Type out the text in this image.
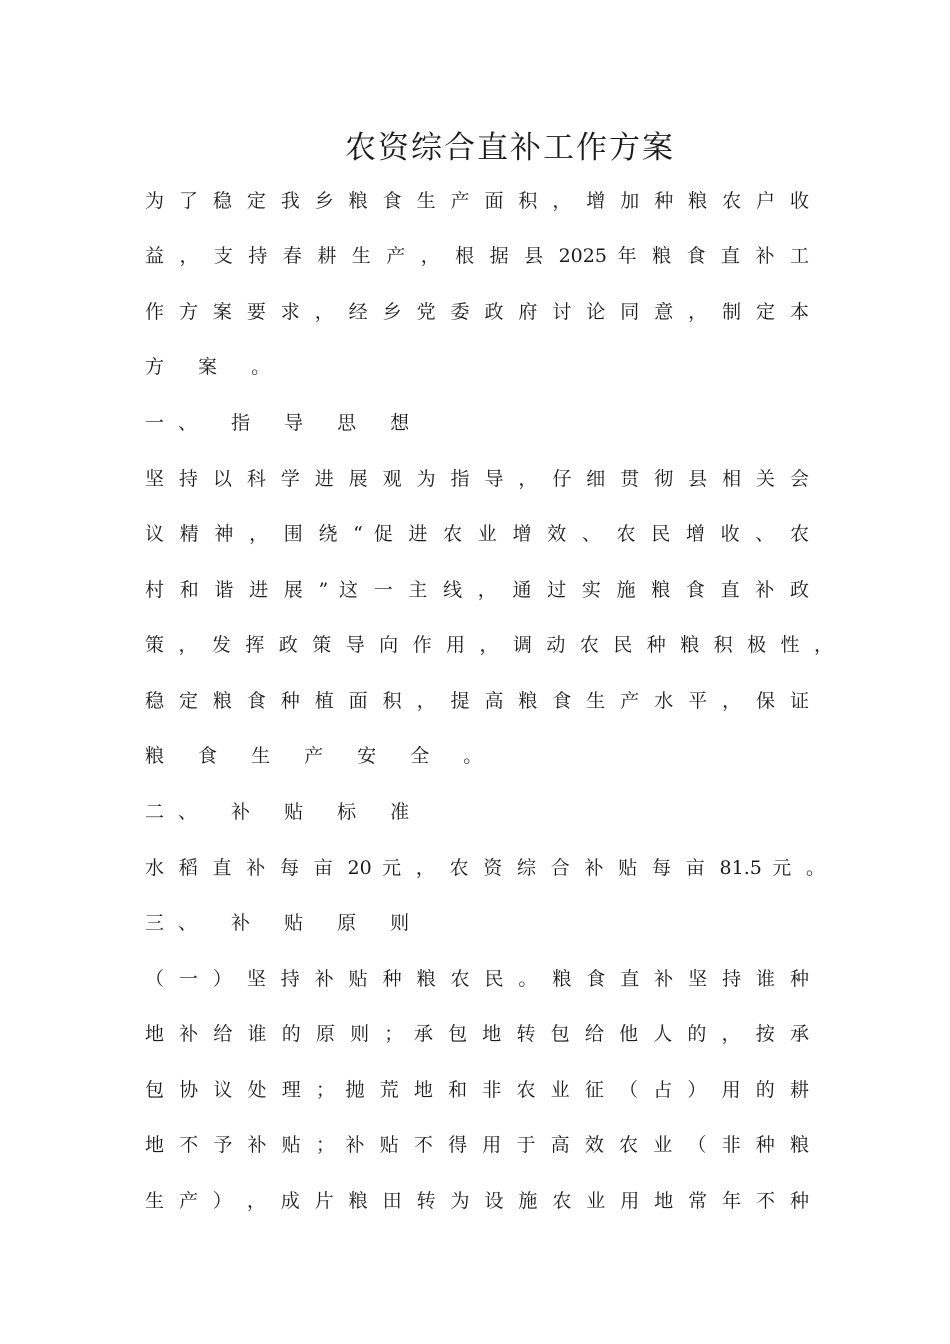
农资综合直补工作方案
为 了 稳 定 我 乡 粮 食 生 产 面 积 ， 增 加 种 粮 农 户 收
益 ， 支 持 春 耕 生 产 ， 根 据 县 2025 年 粮 食 直 补 工
作 方 案 要 求 ， 经 乡 党 委 政 府 讨 论 同 意 ， 制 定 本
方 案 。
一、 指 导 思 想
坚 持 以 科 学 进 展 观 为 指 导 ， 仔 细 贯 彻 县 相 关 会
议 精 神 ， 围 绕 “ 促 进 农 业 增 效 、 农 民 增 收 、 农
村 和 谐 进 展 ” 这 一 主 线 ， 通 过 实 施 粮 食 直 补 政
策 ， 发 挥 政 策 导 向 作 用 ， 调 动 农 民 种 粮 积 极 性 ，
稳 定 粮 食 种 植 面 积 ， 提 高 粮 食 生 产 水 平 ， 保 证
粮 食 生 产 安 全 。
二、 补 贴 标 准
水 稻 直 补 每 亩 20 元 ， 农 资 综 合 补 贴 每 亩 81.5 元 。
三、 补 贴 原 则
（ 一 ） 坚 持 补 贴 种 粮 农 民 。 粮 食 直 补 坚 持 谁 种
地 补 给 谁 的 原 则 ； 承 包 地 转 包 给 他 人 的 ， 按 承
包 协 议 处 理 ； 抛 荒 地 和 非 农 业 征 （ 占 ） 用 的 耕
地 不 予 补 贴 ； 补 贴 不 得 用 于 高 效 农 业 （ 非 种 粮
生 产 ） ， 成 片 粮 田 转 为 设 施 农 业 用 地 常 年 不 种
